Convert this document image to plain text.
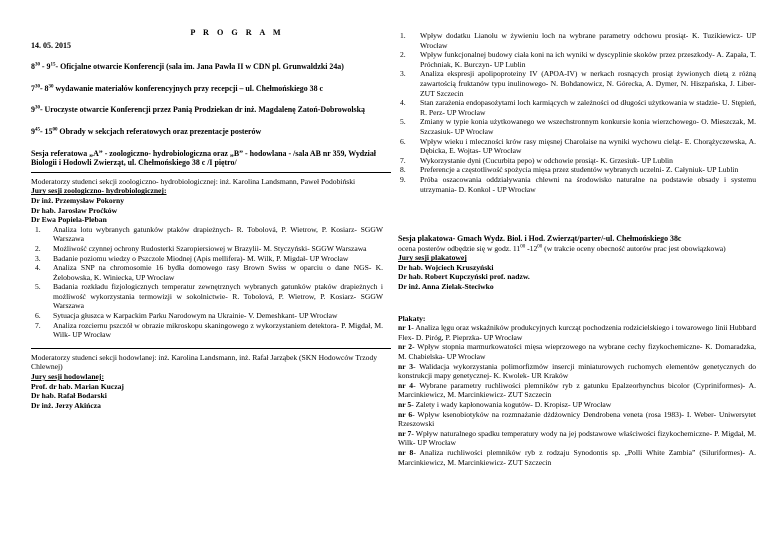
P R O G R A M
14. 05. 2015
$8^{30} - 9^{15}-$ Oficjalne otwarcie Konferencji (sala im. Jana Pawła II w CDN pl. Grunwaldzki 24a)
$7^{30}-$ $8^{30}$ wydawanie materiałów konferencyjnych przy recepcji – ul. Chełmońskiego 38 c
$9^{30}-$ Uroczyste otwarcie Konferencji przez Panią Prodziekan dr inż. Magdalenę Zatoń-Dobrowolską
$9^{45}-$ $15^{00}$ Obrady w sekcjach referatowych oraz prezentacje posterów
Sesja referatowa „A” - zoologiczno- hydrobiologiczna oraz „B” - hodowlana - /sala AB nr 359, Wydział Biologii i Hodowli Zwierząt, ul. Chełmońskiego 38 c /I piętro/
Moderatorzy studenci sekcji zoologiczno- hydrobiologicznej: inż. Karolina Landsmann, Paweł Podobiński
Jury sesji zoologiczno- hydrobiologicznej:
Dr inż. Przemysław Pokorny
Dr hab. Jarosław Proćków
Dr Ewa Popiela-Pleban
1.	Analiza lotu wybranych gatunków ptaków drapieżnych- R. Tobolová, P. Wietrow, P. Kosiarz- SGGW Warszawa
2.	Możliwość czynnej ochrony Rudosterki Szaropiersiowej w Brazylii- M. Styczyński- SGGW Warszawa
3.	Badanie poziomu wiedzy o Pszczole Miodnej (Apis mellifera)- M. Wilk, P. Migdał- UP Wrocław
4.	Analiza SNP na chromosomie 16 bydła domowego rasy Brown Swiss w oparciu o dane NGS- K. Żelobowska, K. Winiecka, UP Wrocław
5.	Badania rozkładu fizjologicznych temperatur zewnętrznych wybranych gatunków ptaków drapieżnych i możliwość wykorzystania termowizji w sokolnictwie- R. Tobolová, P. Wietrow, P. Kosiarz- SGGW Warszawa
6.	Sytuacja głuszca w Karpackim Parku Narodowym na Ukrainie- V. Demeshkant- UP Wrocław
7.	Analiza rozciernu pszczół w obrazie mikroskopu skaningowego z wykorzystaniem detektora- P. Migdał, M. Wilk- UP Wrocław
Moderatorzy studenci sekcji hodowlanej: inż. Karolina Landsmann, inż. Rafał Jarząbek (SKN Hodowców Trzody Chlewnej)
Jury sesji hodowlanej:
Prof. dr hab. Marian Kuczaj
Dr hab. Rafał Bodarski
Dr inż. Jerzy Akińcza
1.	Wpływ dodatku Lianolu w żywieniu loch na wybrane parametry odchowu prosiąt- K. Tuzikiewicz- UP Wrocław
2.	Wpływ funkcjonalnej budowy ciała koni na ich wyniki w dyscyplinie skoków przez przeszkody- A. Zapała, T. Próchniak, K. Burczyn- UP Lublin
3.	Analiza ekspresji apolipoproteiny IV (APOA-IV) w nerkach rosnących prosiąt żywionych dietą z różną zawartością fruktanów typu inulinowego- N. Bohdanowicz, N. Górecka, A. Dymer, N. Hiszpańska, J. Liber- ZUT Szczecin
4.	Stan zarażenia endopasożytami loch karmiących w zależności od długości użytkowania w stadzie- U. Stępień, R. Perz- UP Wrocław
5.	Zmiany w typie konia użytkowanego we wszechstronnym konkursie konia wierzchowego- O. Mieszczak, M. Szczasiuk- UP Wrocław
6.	Wpływ wieku i mleczności krów rasy mięsnej Charolaise na wyniki wychowu cieląt- E. Chorążyczewska, A. Dębicka, E. Wojtas- UP Wrocław
7.	Wykorzystanie dyni (Cucurbita pepo) w odchowie prosiąt- K. Grzesiuk- UP Lublin
8.	Preferencje a częstotliwość spożycia mięsa przez studentów wybranych uczelni- Z. Całyniuk- UP Lublin
9.	Próba oszacowania oddziaływania chlewni na środowisko naturalne na podstawie obsady i systemu utrzymania- D. Konkol - UP Wrocław
Sesja plakatowa- Gmach Wydz. Biol. i Hod. Zwierząt/parter/-ul. Chełmońskiego 38c
ocena posterów odbędzie się w godz. $11^{00}$ $-12^{00}$ (w trakcie oceny obecność autorów prac jest obowiązkowa)
Jury sesji plakatowej
Dr hab. Wojciech Kruszyński
Dr hab. Robert Kupczyński prof. nadzw.
Dr inż. Anna Zielak-Steciwko
Plakaty:

nr 1- Analiza lęgu oraz wskaźników produkcyjnych kurcząt pochodzenia rodzicielskiego i towarowego linii Hubbard Flex- D. Piróg, P. Pieprzka- UP Wrocław

nr 2- Wpływ stopnia marmurkowatości mięsa wieprzowego na wybrane cechy fizykochemiczne- K. Domaradzka, M. Chabielska- UP Wrocław

nr 3- Walidacja wykorzystania polimorfizmów insercji miniaturowych ruchomych elementów genetycznych do konstrukcji mapy genetycznej- K. Kwolek- UR Kraków

nr 4- Wybrane parametry ruchliwości plemników ryb z gatunku Epalzeorhynchus bicolor (Cypriniformes)- A. Marcinkiewicz, M. Marcinkiewicz- ZUT Szczecin

nr 5- Zalety i wady kapłonowania kogutów- D. Kropisz- UP Wrocław

nr 6- Wpływ ksenobiotyków na rozmnażanie dżdżownicy Dendrobena veneta (rosa 1983)- I. Weber- Uniwersytet Rzeszowski

nr 7- Wpływ naturalnego spadku temperatury wody na jej podstawowe właściwości fizykochemiczne- P. Migdał, M. Wilk- UP Wrocław

nr 8- Analiza ruchliwości plemników ryb z rodzaju Synodontis sp. „Polli White Zambia” (Siluriformes)- A. Marcinkiewicz, M. Marcinkiewicz- ZUT Szczecin
